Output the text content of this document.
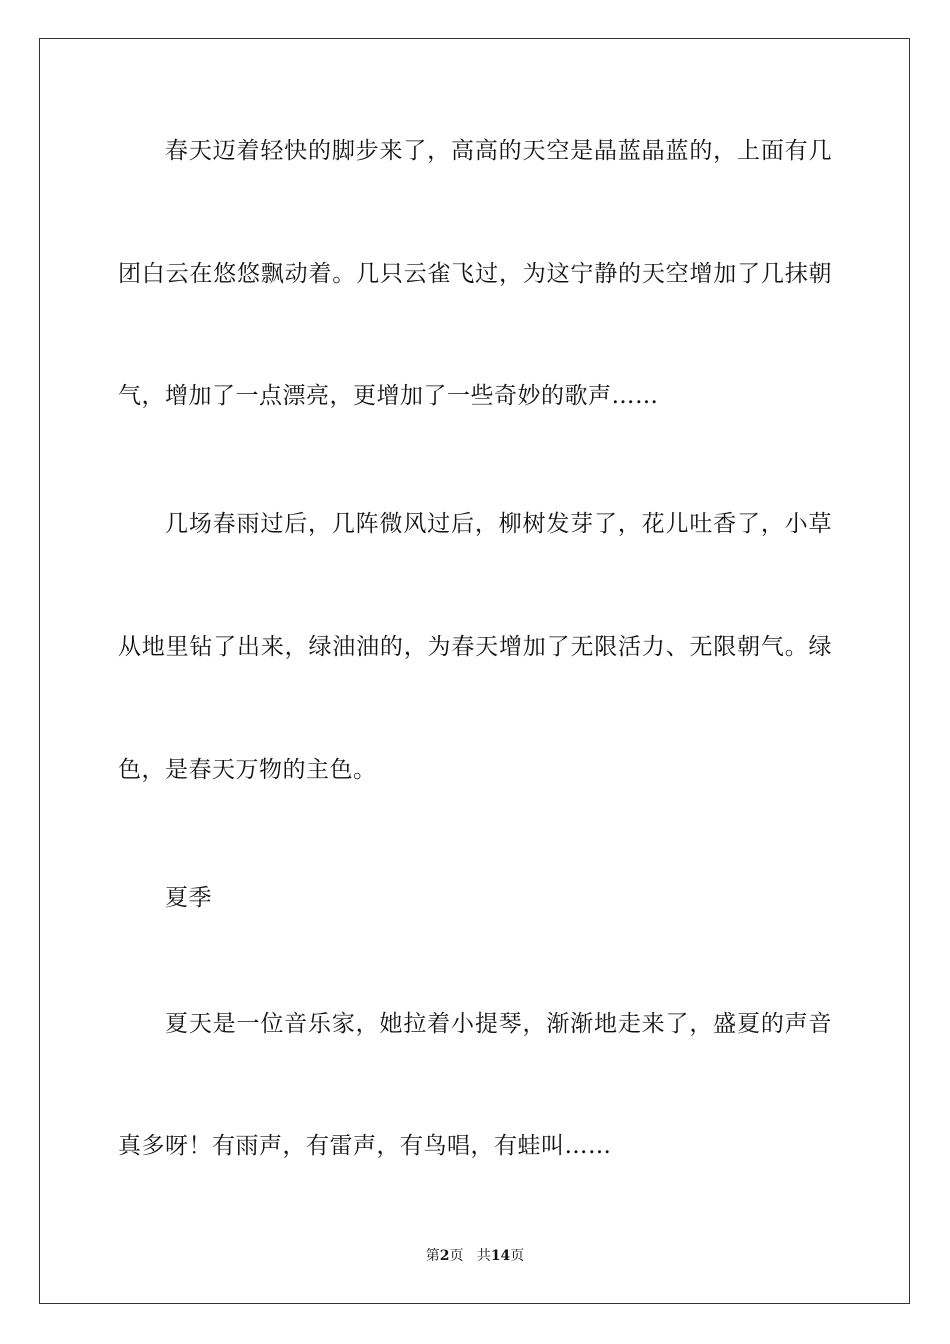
春天迈着轻快的脚步来了，高高的天空是晶蓝晶蓝的，上面有几
团白云在悠悠飘动着。几只云雀飞过，为这宁静的天空增加了几抹朝
气，增加了一点漂亮，更增加了一些奇妙的歌声……
几场春雨过后，几阵微风过后，柳树发芽了，花儿吐香了，小草
从地里钻了出来，绿油油的，为春天增加了无限活力、无限朝气。绿
色，是春天万物的主色。
夏季
夏天是一位音乐家，她拉着小提琴，渐渐地走来了，盛夏的声音
真多呀！有雨声，有雷声，有鸟唱，有蛙叫……
第2页 共14页
